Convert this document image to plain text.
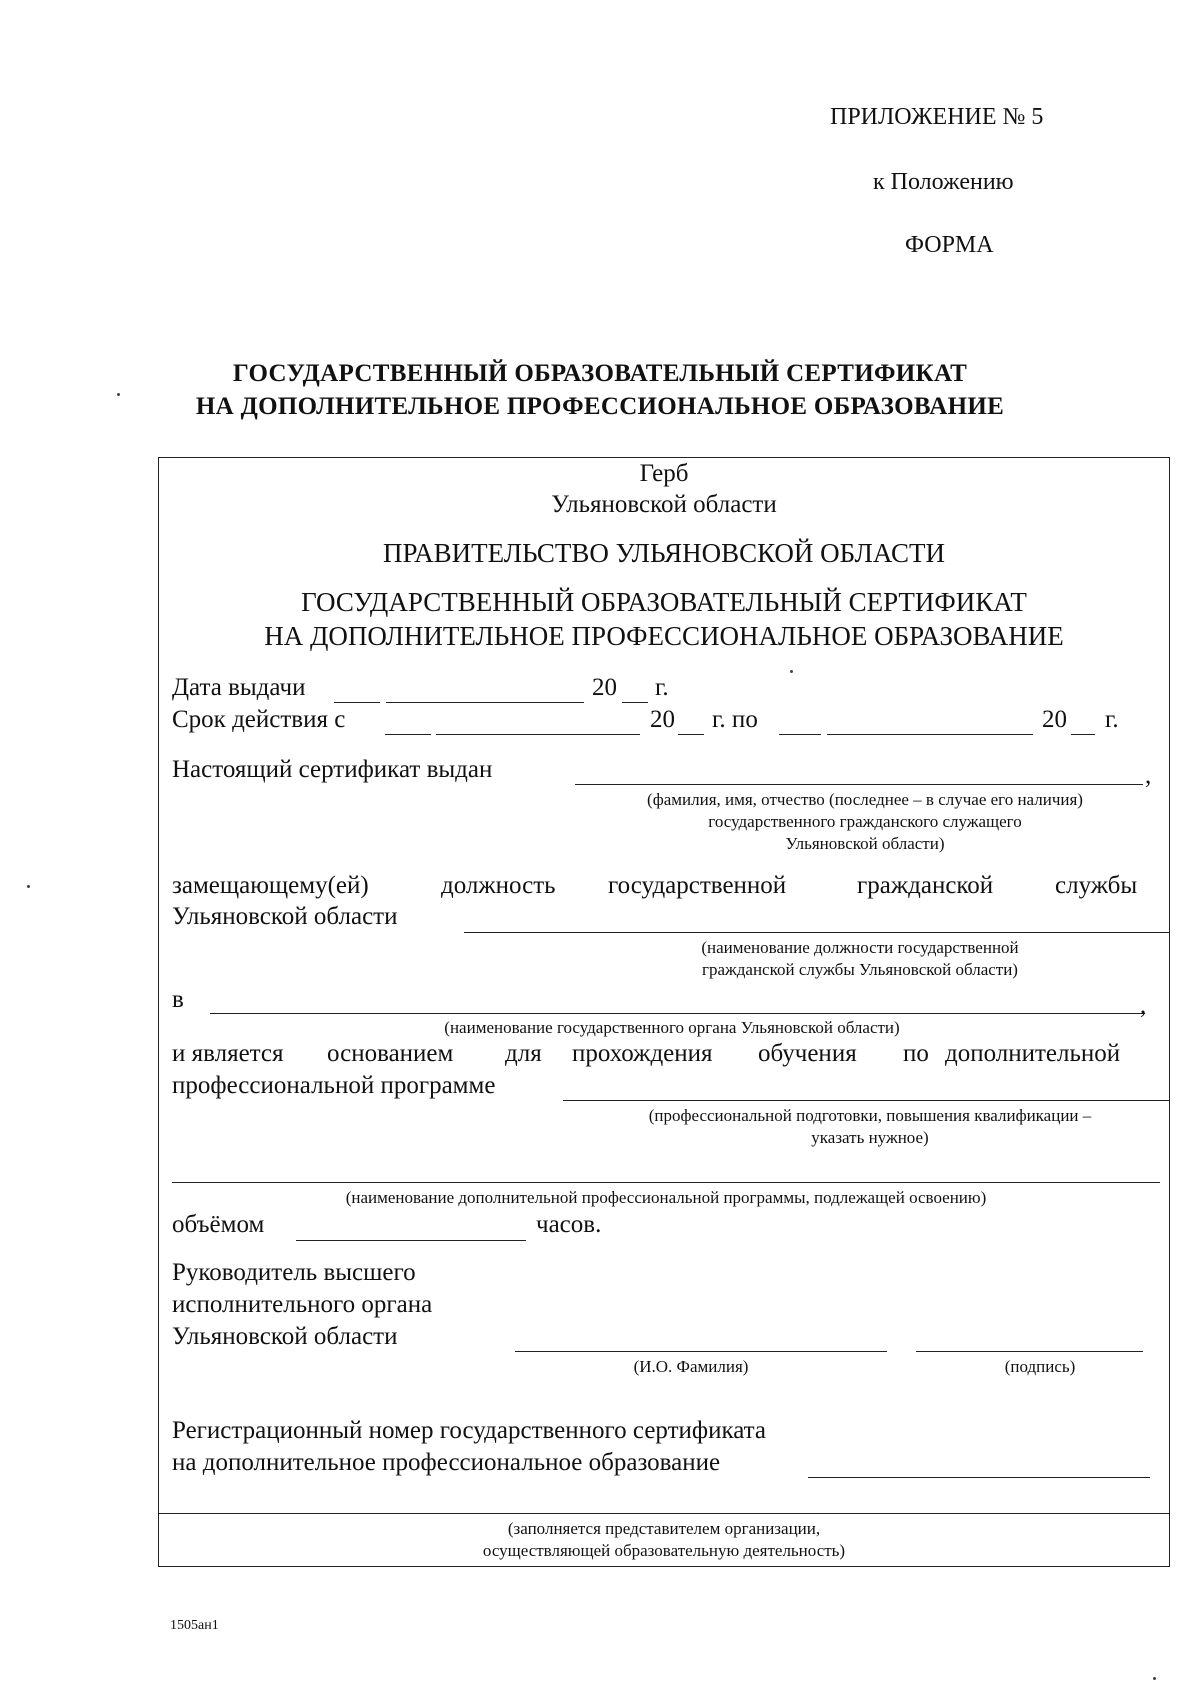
ПРИЛОЖЕНИЕ № 5
к Положению
ФОРМА
ГОСУДАРСТВЕННЫЙ ОБРАЗОВАТЕЛЬНЫЙ СЕРТИФИКАТ
НА ДОПОЛНИТЕЛЬНОЕ ПРОФЕССИОНАЛЬНОЕ ОБРАЗОВАНИЕ
Герб
Ульяновской области
ПРАВИТЕЛЬСТВО УЛЬЯНОВСКОЙ ОБЛАСТИ
ГОСУДАРСТВЕННЫЙ ОБРАЗОВАТЕЛЬНЫЙ СЕРТИФИКАТ
НА ДОПОЛНИТЕЛЬНОЕ ПРОФЕССИОНАЛЬНОЕ ОБРАЗОВАНИЕ
Дата выдачи	20 г.
Срок действия с	20 г. по	20 г.
Настоящий сертификат выдан	,
(фамилия, имя, отчество (последнее – в случае его наличия)
государственного гражданского служащего
Ульяновской области)
замещающему(ей)	должность государственной	гражданской службы
Ульяновской области
(наименование должности государственной
гражданской службы Ульяновской области)
в	,
(наименование государственного органа Ульяновской области)
и является основанием для прохождения обучения по дополнительной
профессиональной программе
(профессиональной подготовки, повышения квалификации –
указать нужное)
(наименование дополнительной профессиональной программы, подлежащей освоению)
объёмом	часов.
Руководитель высшего
исполнительного органа
Ульяновской области
(И.О. Фамилия)	(подпись)
Регистрационный номер государственного сертификата
на дополнительное профессиональное образование
(заполняется представителем организации,
осуществляющей образовательную деятельность)
1505ан1
